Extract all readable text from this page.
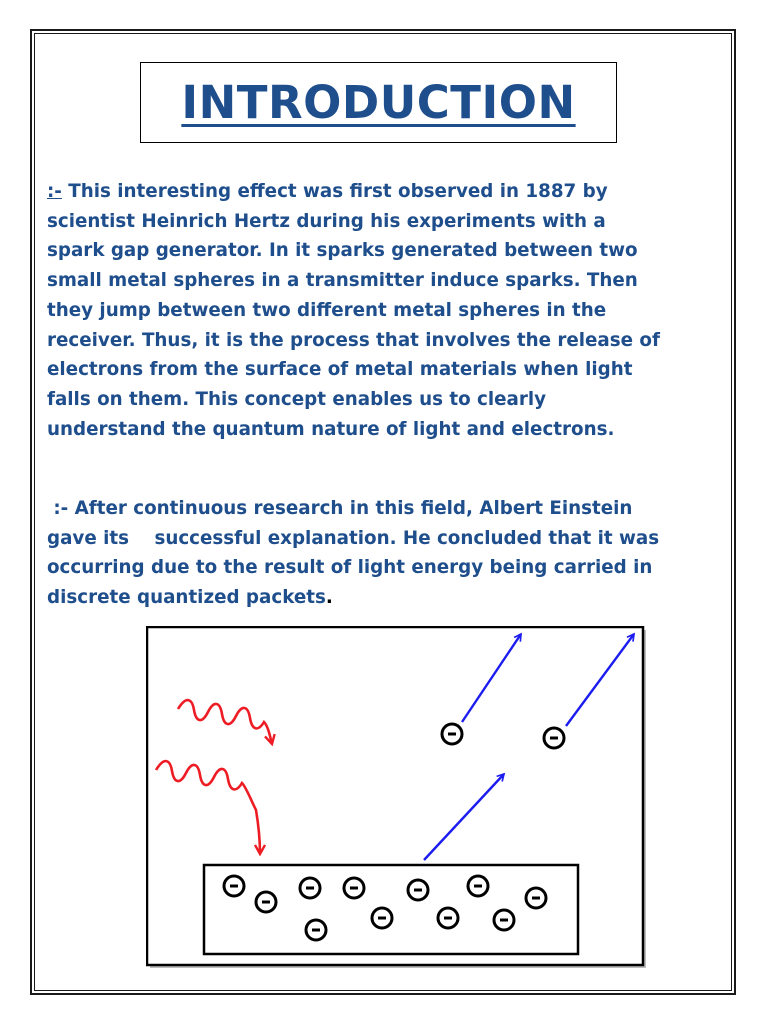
INTRODUCTION
:- This interesting effect was first observed in 1887 by
scientist Heinrich Hertz during his experiments with a
spark gap generator. In it sparks generated between two
small metal spheres in a transmitter induce sparks. Then
they jump between two different metal spheres in the
receiver. Thus, it is the process that involves the release of
electrons from the surface of metal materials when light
falls on them. This concept enables us to clearly
understand the quantum nature of light and electrons.
:- After continuous research in this field, Albert Einstein
gave its    successful explanation. He concluded that it was
occurring due to the result of light energy being carried in
discrete quantized packets.
